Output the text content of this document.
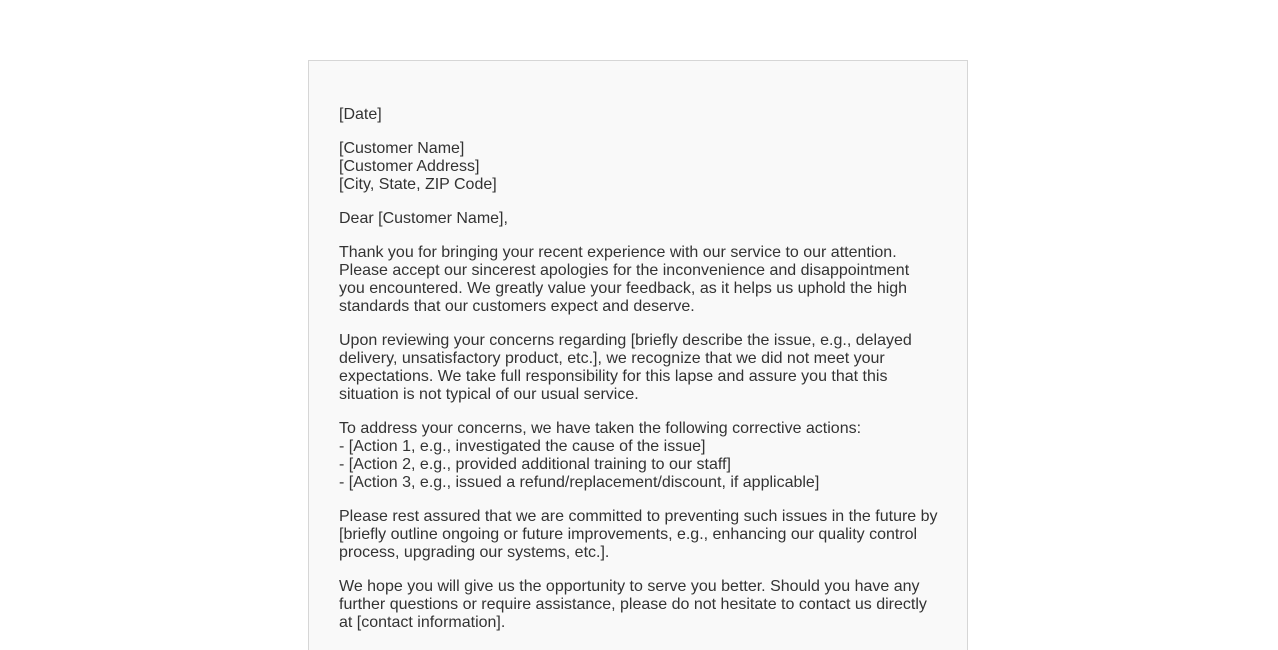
[Date]
[Customer Name]
[Customer Address]
[City, State, ZIP Code]
Dear [Customer Name],
Thank you for bringing your recent experience with our service to our attention.
Please accept our sincerest apologies for the inconvenience and disappointment
you encountered. We greatly value your feedback, as it helps us uphold the high
standards that our customers expect and deserve.
Upon reviewing your concerns regarding [briefly describe the issue, e.g., delayed
delivery, unsatisfactory product, etc.], we recognize that we did not meet your
expectations. We take full responsibility for this lapse and assure you that this
situation is not typical of our usual service.
To address your concerns, we have taken the following corrective actions:
- [Action 1, e.g., investigated the cause of the issue]
- [Action 2, e.g., provided additional training to our staff]
- [Action 3, e.g., issued a refund/replacement/discount, if applicable]
Please rest assured that we are committed to preventing such issues in the future by
[briefly outline ongoing or future improvements, e.g., enhancing our quality control
process, upgrading our systems, etc.].
We hope you will give us the opportunity to serve you better. Should you have any
further questions or require assistance, please do not hesitate to contact us directly
at [contact information].
